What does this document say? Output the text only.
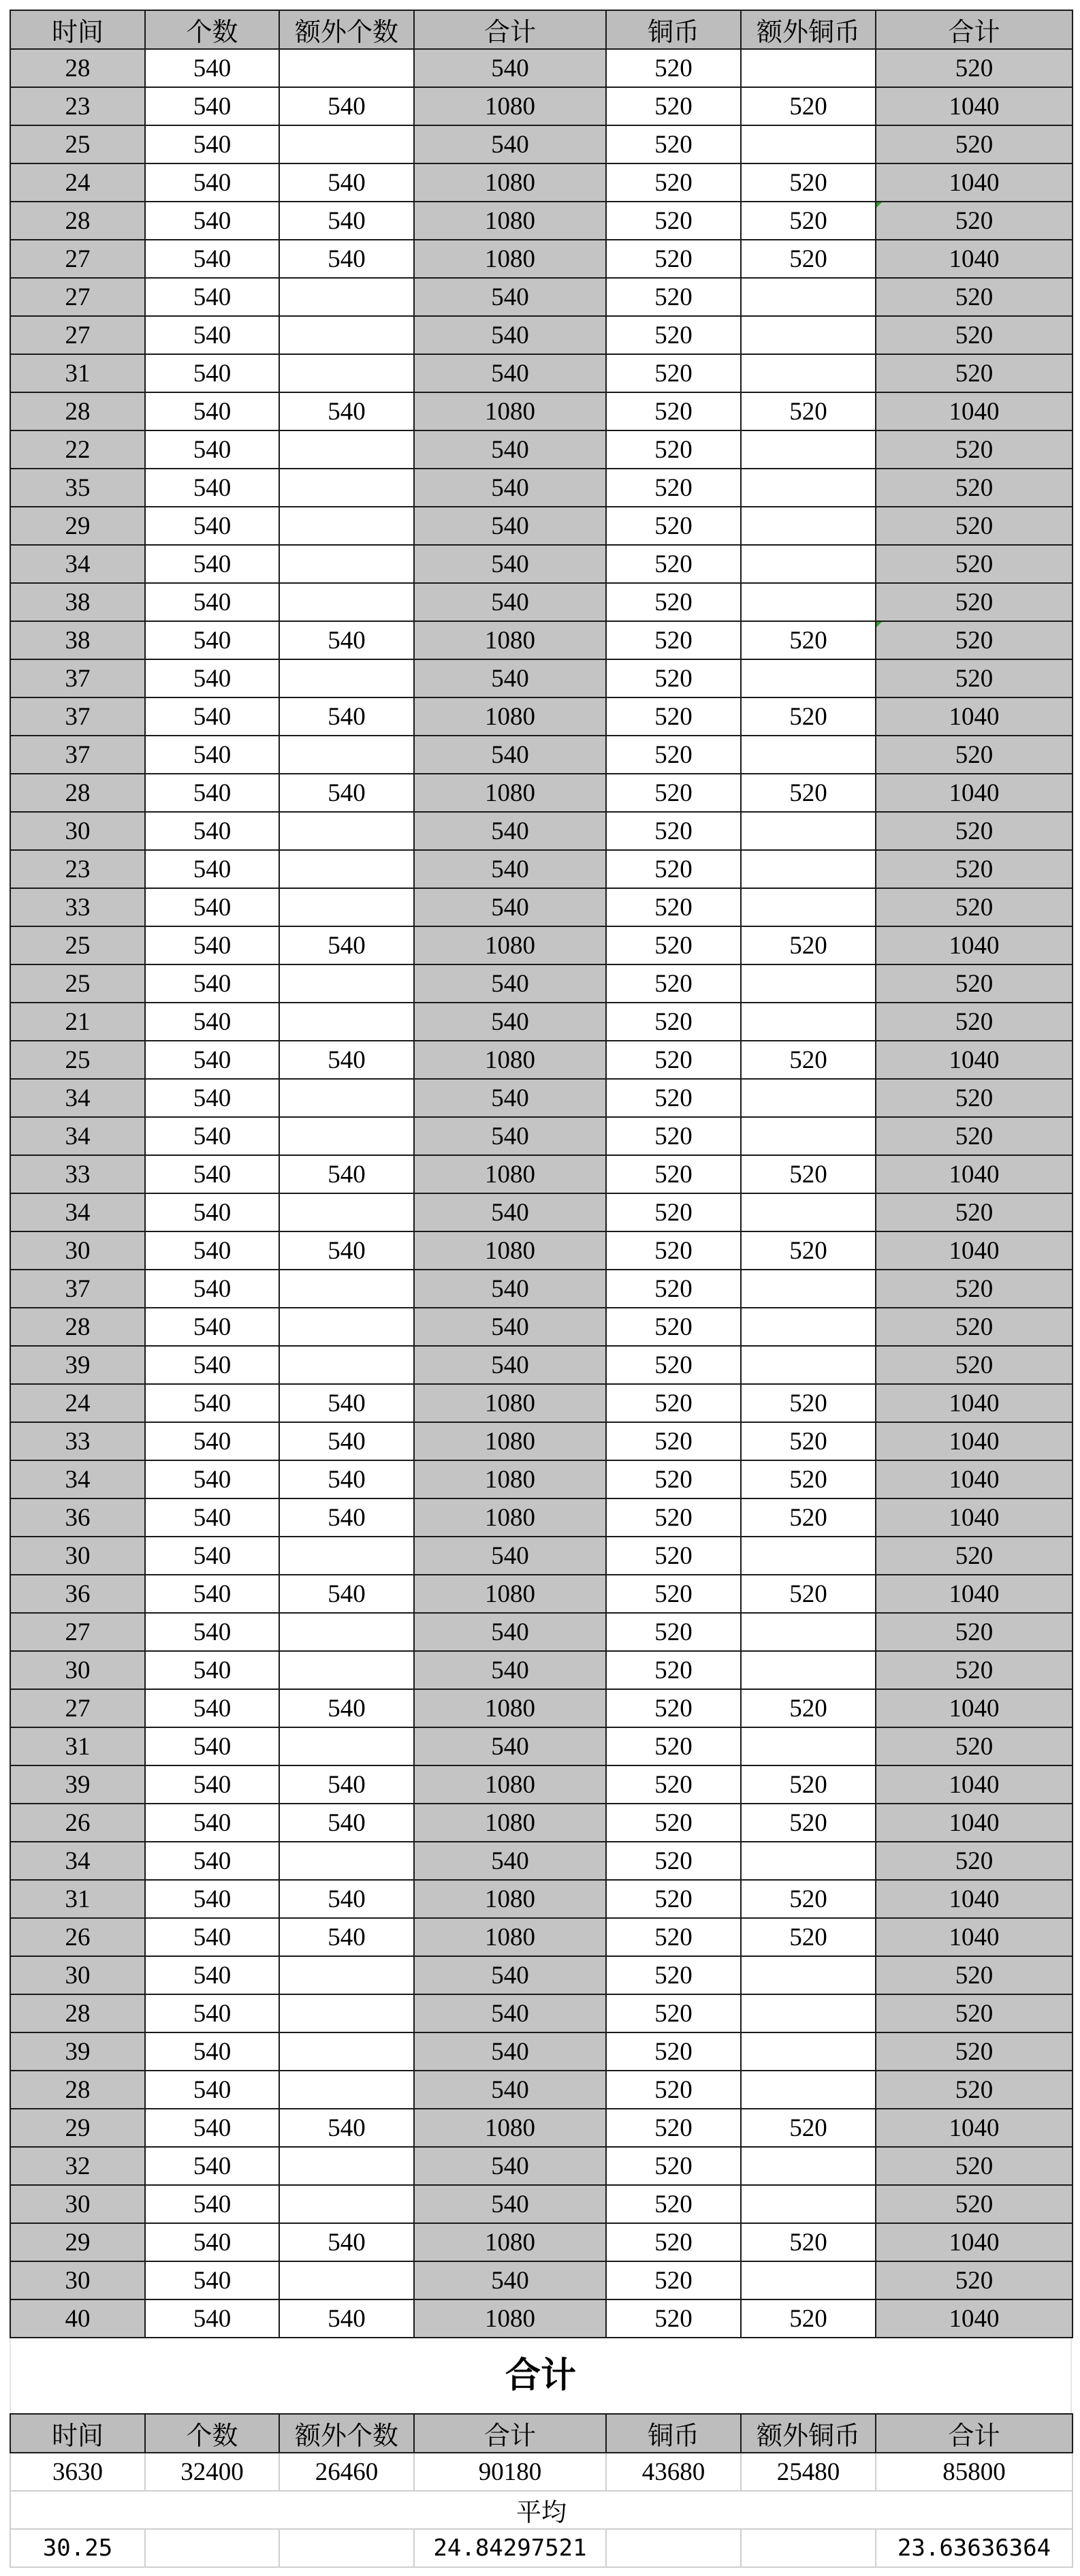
时间	个数	额外个数	合计	铜币	额外铜币	合计
28	540		540	520		520
23	540	540	1080	520	520	1040
25	540		540	520		520
24	540	540	1080	520	520	1040
28	540	540	1080	520	520	520
27	540	540	1080	520	520	1040
27	540		540	520		520
27	540		540	520		520
31	540		540	520		520
28	540	540	1080	520	520	1040
22	540		540	520		520
35	540		540	520		520
29	540		540	520		520
34	540		540	520		520
38	540		540	520		520
38	540	540	1080	520	520	520
37	540		540	520		520
37	540	540	1080	520	520	1040
37	540		540	520		520
28	540	540	1080	520	520	1040
30	540		540	520		520
23	540		540	520		520
33	540		540	520		520
25	540	540	1080	520	520	1040
25	540		540	520		520
21	540		540	520		520
25	540	540	1080	520	520	1040
34	540		540	520		520
34	540		540	520		520
33	540	540	1080	520	520	1040
34	540		540	520		520
30	540	540	1080	520	520	1040
37	540		540	520		520
28	540		540	520		520
39	540		540	520		520
24	540	540	1080	520	520	1040
33	540	540	1080	520	520	1040
34	540	540	1080	520	520	1040
36	540	540	1080	520	520	1040
30	540		540	520		520
36	540	540	1080	520	520	1040
27	540		540	520		520
30	540		540	520		520
27	540	540	1080	520	520	1040
31	540		540	520		520
39	540	540	1080	520	520	1040
26	540	540	1080	520	520	1040
34	540		540	520		520
31	540	540	1080	520	520	1040
26	540	540	1080	520	520	1040
30	540		540	520		520
28	540		540	520		520
39	540		540	520		520
28	540		540	520		520
29	540	540	1080	520	520	1040
32	540		540	520		520
30	540		540	520		520
29	540	540	1080	520	520	1040
30	540		540	520		520
40	540	540	1080	520	520	1040
合计
时间	个数	额外个数	合计	铜币	额外铜币	合计
3630	32400	26460	90180	43680	25480	85800
平均						
30.25			24.84297521			23.63636364
